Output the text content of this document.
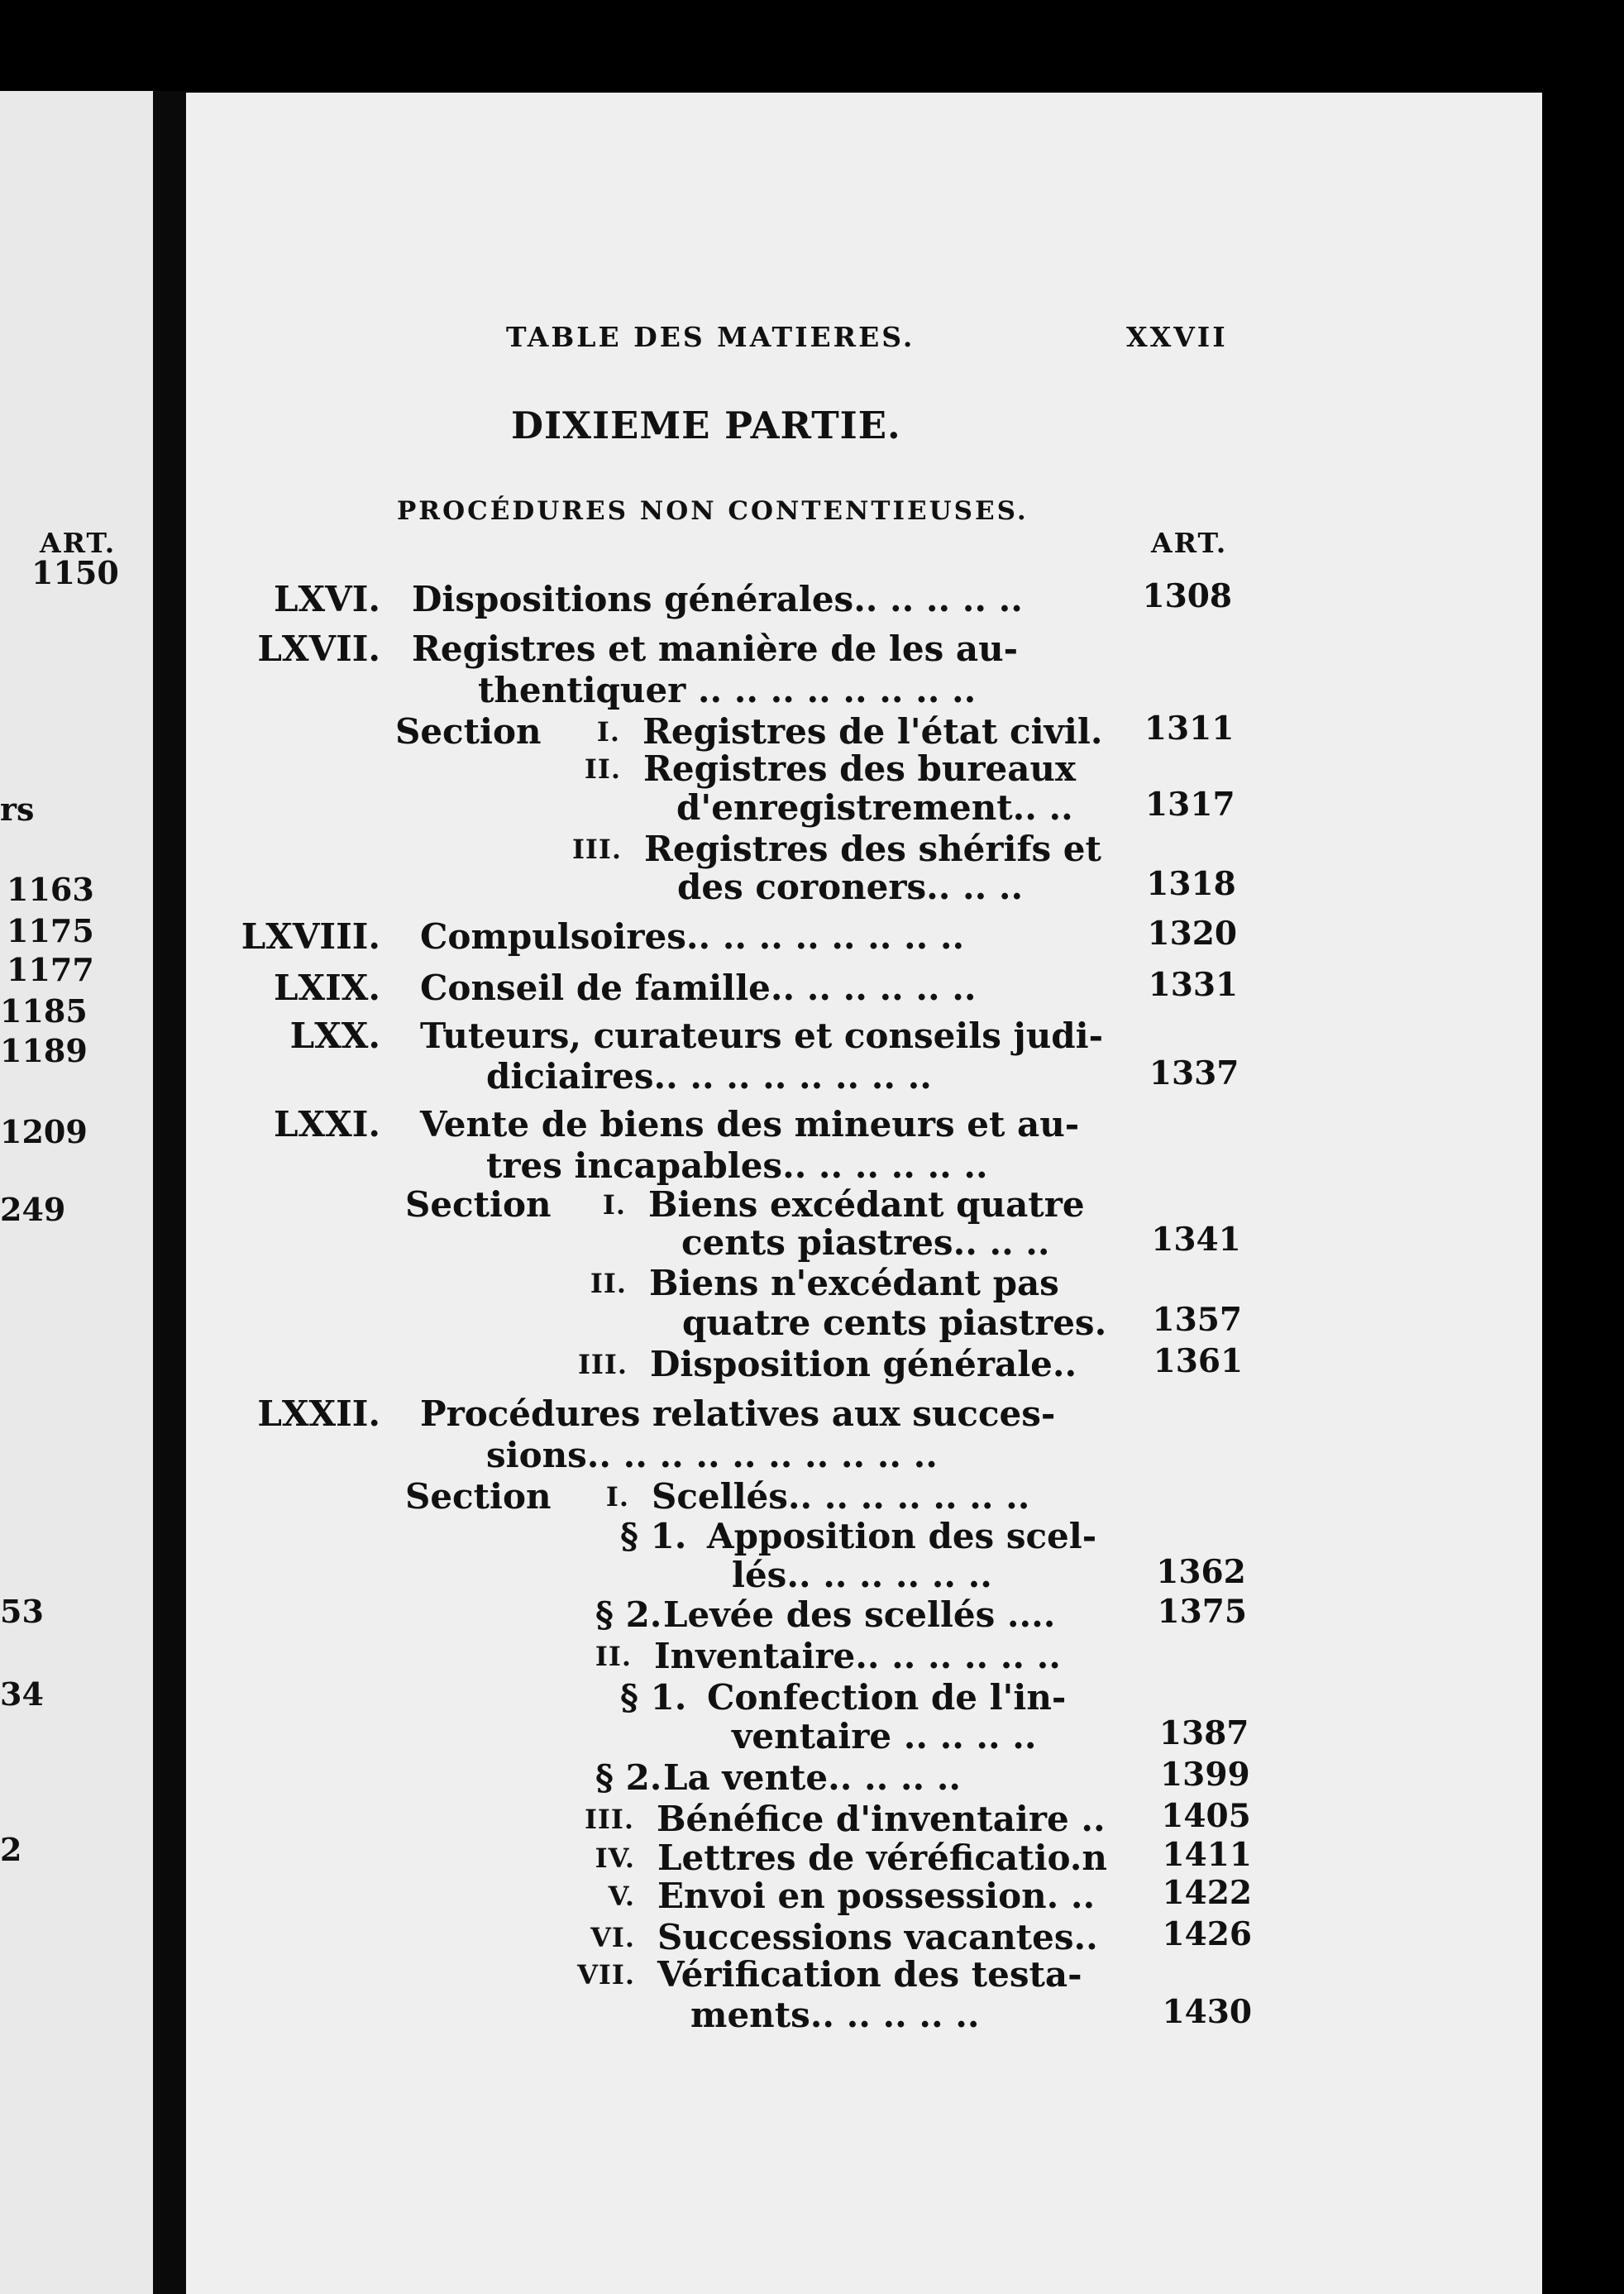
ART.
1150
rs
1163
1175
1177
1185
1189
1209
249
53
34
2
TABLE DES MATIERES.	XXVII
DIXIEME PARTIE.
PROCÉDURES NON CONTENTIEUSES.
ART.
LXVI. Dispositions générales.. .. .. .. ..	1308
LXVII. Registres et manière de les au-
thentiquer .. .. .. .. .. .. .. ..
Section	I. Registres de l'état civil. 1311
II. Registres des bureaux
d'enregistrement.. .. 1317
III. Registres des shérifs et
des coroners.. .. ..	1318
LXVIII. Compulsoires.. .. .. .. .. .. .. ..	1320
LXIX. Conseil de famille.. .. .. .. .. ..	1331
LXX. Tuteurs, curateurs et conseils judi-
diciaires.. .. .. .. .. .. .. ..	1337
LXXI. Vente de biens des mineurs et au-
tres incapables.. .. .. .. .. ..
Section	I. Biens excédant quatre
cents piastres.. .. ..	1341
II. Biens n'excédant pas
quatre cents piastres. 1357
III. Disposition générale.. 1361
LXXII. Procédures relatives aux succes-
sions.. .. .. .. .. .. .. .. .. ..
Section	I. Scellés.. .. .. .. .. .. ..
§ 1. Apposition des scel-
lés.. .. .. .. .. ..	1362
§ 2. Levée des scellés ....	1375
II. Inventaire.. .. .. .. .. ..
§ 1. Confection de l'in-
ventaire .. .. .. ..	1387
§ 2. La vente.. .. .. ..	1399
III. Bénéfice d'inventaire .. 1405
IV. Lettres de véréficatio.n 1411
V. Envoi en possession. .. 1422
VI. Successions vacantes.. 1426
VII. Vérification des testa-
ments.. .. .. .. ..	1430
